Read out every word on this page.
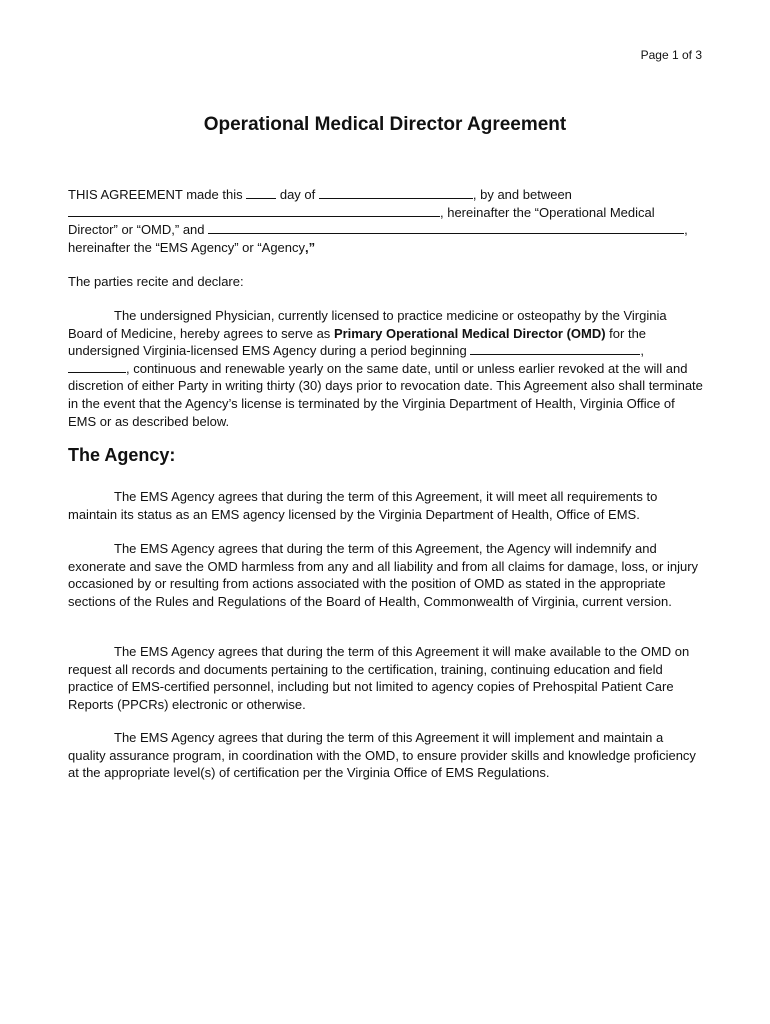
Page 1 of 3
Operational Medical Director Agreement
THIS AGREEMENT made this	day of	, by and between
, hereinafter the “Operational Medical
Director” or “OMD,” and	,
hereinafter the “EMS Agency” or “Agency,”
The parties recite and declare:
The undersigned Physician, currently licensed to practice medicine or osteopathy by the Virginia Board of Medicine, hereby agrees to serve as Primary Operational Medical Director (OMD) for the undersigned Virginia-licensed EMS Agency during a period beginning	, , continuous and renewable yearly on the same date, until or unless earlier revoked at the will and discretion of either Party in writing thirty (30) days prior to revocation date. This Agreement also shall terminate in the event that the Agency’s license is terminated by the Virginia Department of Health, Virginia Office of EMS or as described below.
The Agency:
The EMS Agency agrees that during the term of this Agreement, it will meet all requirements to maintain its status as an EMS agency licensed by the Virginia Department of Health, Office of EMS.
The EMS Agency agrees that during the term of this Agreement, the Agency will indemnify and exonerate and save the OMD harmless from any and all liability and from all claims for damage, loss, or injury occasioned by or resulting from actions associated with the position of OMD as stated in the appropriate sections of the Rules and Regulations of the Board of Health, Commonwealth of Virginia, current version.
The EMS Agency agrees that during the term of this Agreement it will make available to the OMD on request all records and documents pertaining to the certification, training, continuing education and field practice of EMS-certified personnel, including but not limited to agency copies of Prehospital Patient Care Reports (PPCRs) electronic or otherwise.
The EMS Agency agrees that during the term of this Agreement it will implement and maintain a quality assurance program, in coordination with the OMD, to ensure provider skills and knowledge proficiency at the appropriate level(s) of certification per the Virginia Office of EMS Regulations.
